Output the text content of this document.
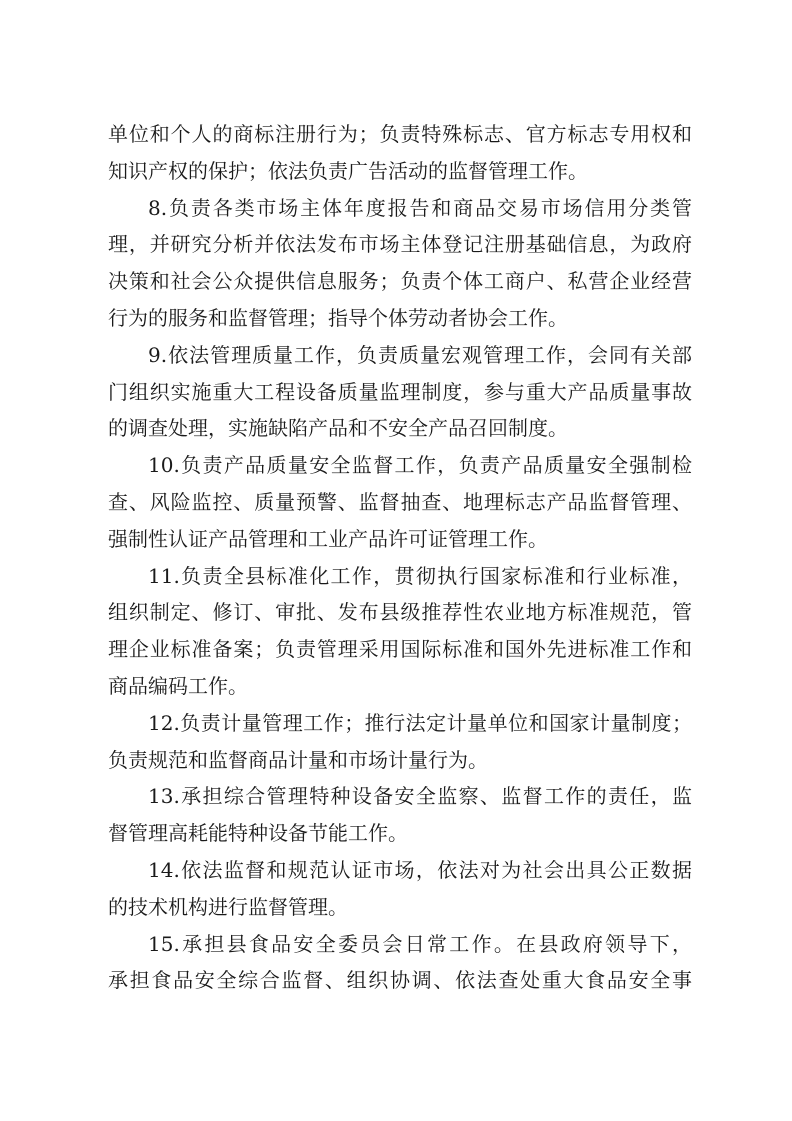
单位和个人的商标注册行为；负责特殊标志、官方标志专用权和
知识产权的保护；依法负责广告活动的监督管理工作。
8.负责各类市场主体年度报告和商品交易市场信用分类管
理，并研究分析并依法发布市场主体登记注册基础信息，为政府
决策和社会公众提供信息服务；负责个体工商户、私营企业经营
行为的服务和监督管理；指导个体劳动者协会工作。
9.依法管理质量工作，负责质量宏观管理工作，会同有关部
门组织实施重大工程设备质量监理制度，参与重大产品质量事故
的调查处理，实施缺陷产品和不安全产品召回制度。
10.负责产品质量安全监督工作，负责产品质量安全强制检
查、风险监控、质量预警、监督抽查、地理标志产品监督管理、
强制性认证产品管理和工业产品许可证管理工作。
11.负责全县标准化工作，贯彻执行国家标准和行业标准，
组织制定、修订、审批、发布县级推荐性农业地方标准规范，管
理企业标准备案；负责管理采用国际标准和国外先进标准工作和
商品编码工作。
12.负责计量管理工作；推行法定计量单位和国家计量制度；
负责规范和监督商品计量和市场计量行为。
13.承担综合管理特种设备安全监察、监督工作的责任，监
督管理高耗能特种设备节能工作。
14.依法监督和规范认证市场，依法对为社会出具公正数据
的技术机构进行监督管理。
15.承担县食品安全委员会日常工作。在县政府领导下，
承担食品安全综合监督、组织协调、依法查处重大食品安全事
